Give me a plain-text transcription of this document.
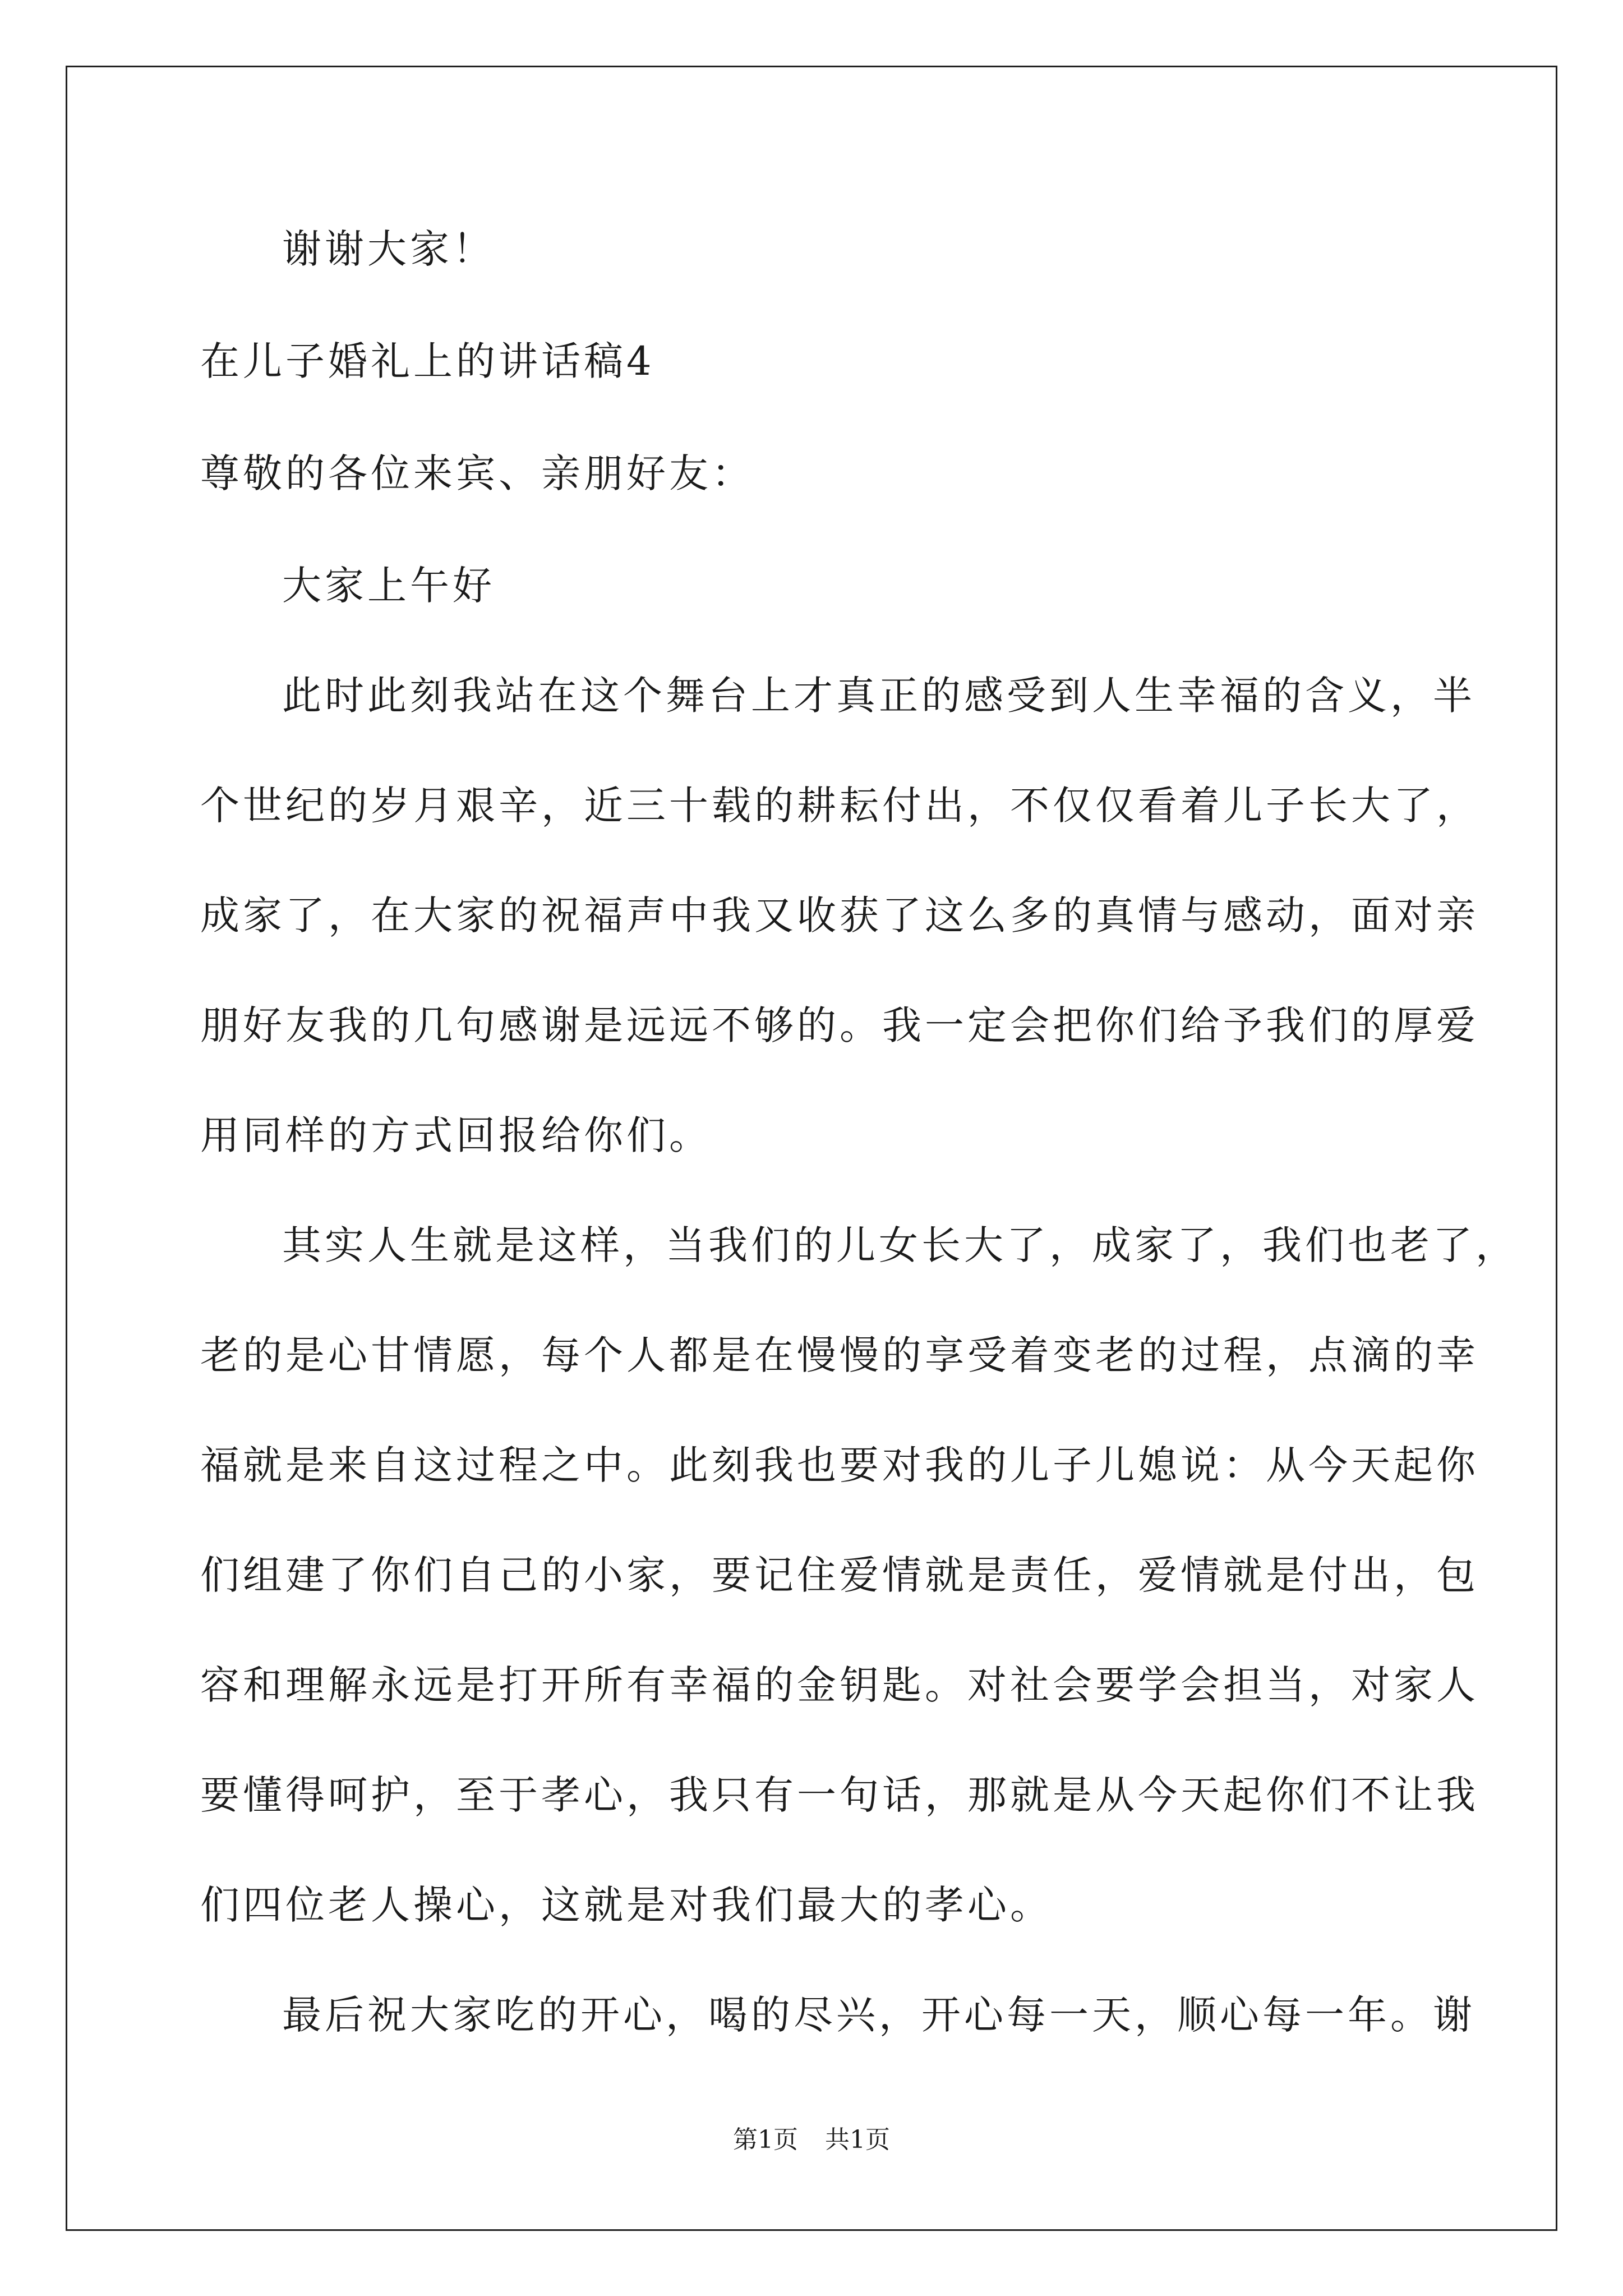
谢谢大家！

在儿子婚礼上的讲话稿4

尊敬的各位来宾、亲朋好友：

大家上午好

此时此刻我站在这个舞台上才真正的感受到人生幸福的含义，半

个世纪的岁月艰辛，近三十载的耕耘付出，不仅仅看着儿子长大了，

成家了，在大家的祝福声中我又收获了这么多的真情与感动，面对亲

朋好友我的几句感谢是远远不够的。我一定会把你们给予我们的厚爱

用同样的方式回报给你们。

其实人生就是这样，当我们的儿女长大了，成家了，我们也老了，

老的是心甘情愿，每个人都是在慢慢的享受着变老的过程，点滴的幸

福就是来自这过程之中。此刻我也要对我的儿子儿媳说：从今天起你

们组建了你们自己的小家，要记住爱情就是责任，爱情就是付出，包

容和理解永远是打开所有幸福的金钥匙。对社会要学会担当，对家人

要懂得呵护，至于孝心，我只有一句话，那就是从今天起你们不让我

们四位老人操心，这就是对我们最大的孝心。

最后祝大家吃的开心，喝的尽兴，开心每一天，顺心每一年。谢

第1页 共1页
